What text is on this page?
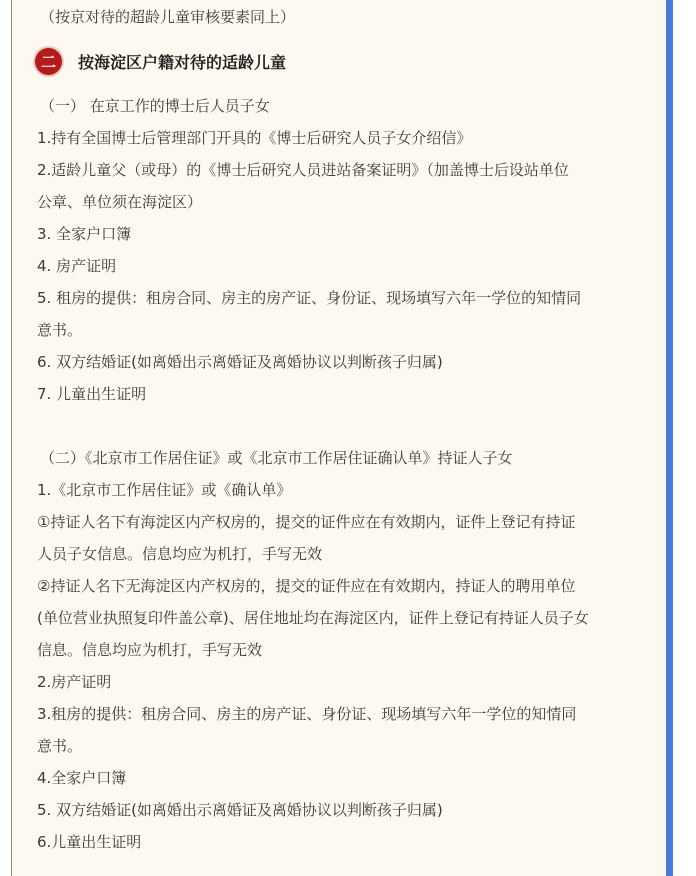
（按京对待的超龄儿童审核要素同上）
二	按海淀区户籍对待的适龄儿童
（一） 在京工作的博士后人员子女
1.持有全国博士后管理部门开具的《博士后研究人员子女介绍信》
2.适龄儿童父（或母）的《博士后研究人员进站备案证明》（加盖博士后设站单位
公章、单位须在海淀区）
3. 全家户口簿
4. 房产证明
5. 租房的提供：租房合同、房主的房产证、身份证、现场填写六年一学位的知情同
意书。
6. 双方结婚证(如离婚出示离婚证及离婚协议以判断孩子归属)
7. 儿童出生证明
（二）《北京市工作居住证》或《北京市工作居住证确认单》持证人子女
1.《北京市工作居住证》或《确认单》
①持证人名下有海淀区内产权房的，提交的证件应在有效期内，证件上登记有持证
人员子女信息。信息均应为机打，手写无效
②持证人名下无海淀区内产权房的，提交的证件应在有效期内，持证人的聘用单位
(单位营业执照复印件盖公章)、居住地址均在海淀区内，证件上登记有持证人员子女
信息。信息均应为机打，手写无效
2.房产证明
3.租房的提供：租房合同、房主的房产证、身份证、现场填写六年一学位的知情同
意书。
4.全家户口簿
5. 双方结婚证(如离婚出示离婚证及离婚协议以判断孩子归属)
6.儿童出生证明
